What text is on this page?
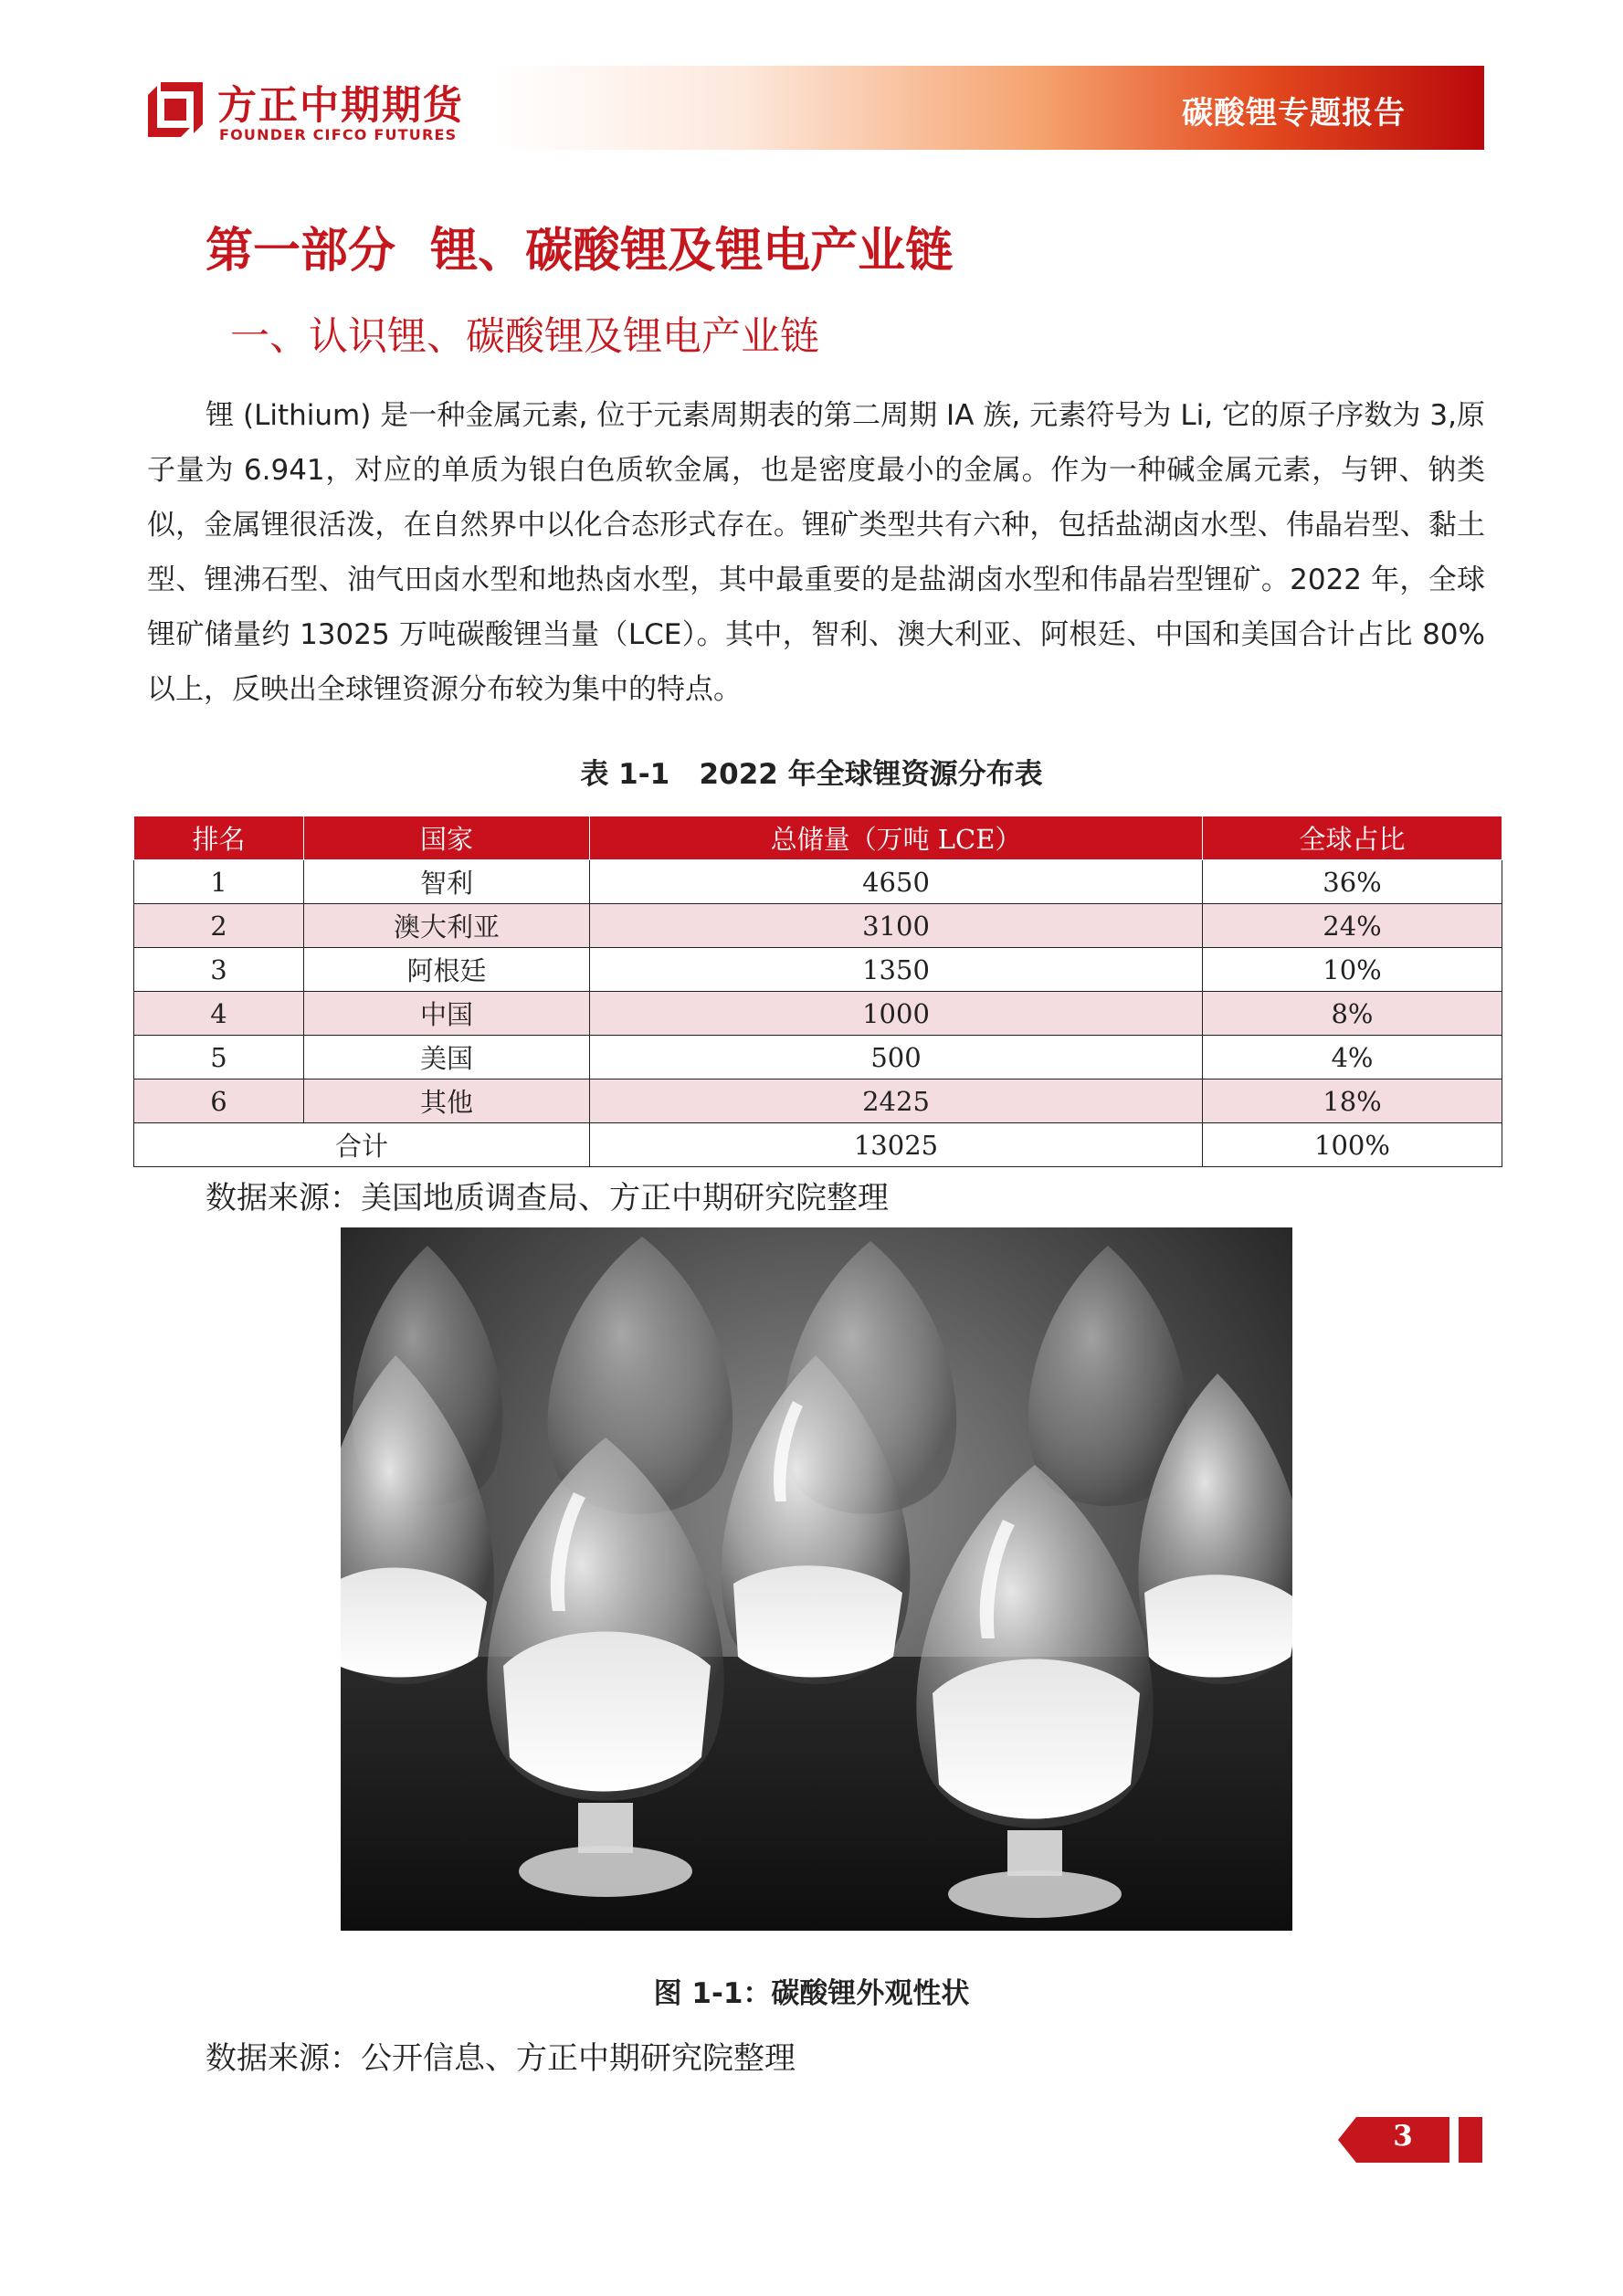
方正中期期货
FOUNDER CIFCO FUTURES
碳酸锂专题报告
第一部分 锂、碳酸锂及锂电产业链
一、认识锂、碳酸锂及锂电产业链
锂 (Lithium) 是一种金属元素, 位于元素周期表的第二周期 IA 族, 元素符号为 Li, 它的原子序数为 3,原子量为 6.941，对应的单质为银白色质软金属，也是密度最小的金属。作为一种碱金属元素，与钾、钠类似，金属锂很活泼，在自然界中以化合态形式存在。锂矿类型共有六种，包括盐湖卤水型、伟晶岩型、黏土型、锂沸石型、油气田卤水型和地热卤水型，其中最重要的是盐湖卤水型和伟晶岩型锂矿。2022 年，全球锂矿储量约 13025 万吨碳酸锂当量（LCE）。其中，智利、澳大利亚、阿根廷、中国和美国合计占比 80%以上，反映出全球锂资源分布较为集中的特点。
表 1-1   2022 年全球锂资源分布表
排名	国家	总储量（万吨 LCE）	全球占比
1	智利	4650	36%
2	澳大利亚	3100	24%
3	阿根廷	1350	10%
4	中国	1000	8%
5	美国	500	4%
6	其他	2425	18%
合计		13025	100%
数据来源：美国地质调查局、方正中期研究院整理
图 1-1：碳酸锂外观性状
数据来源：公开信息、方正中期研究院整理
3
